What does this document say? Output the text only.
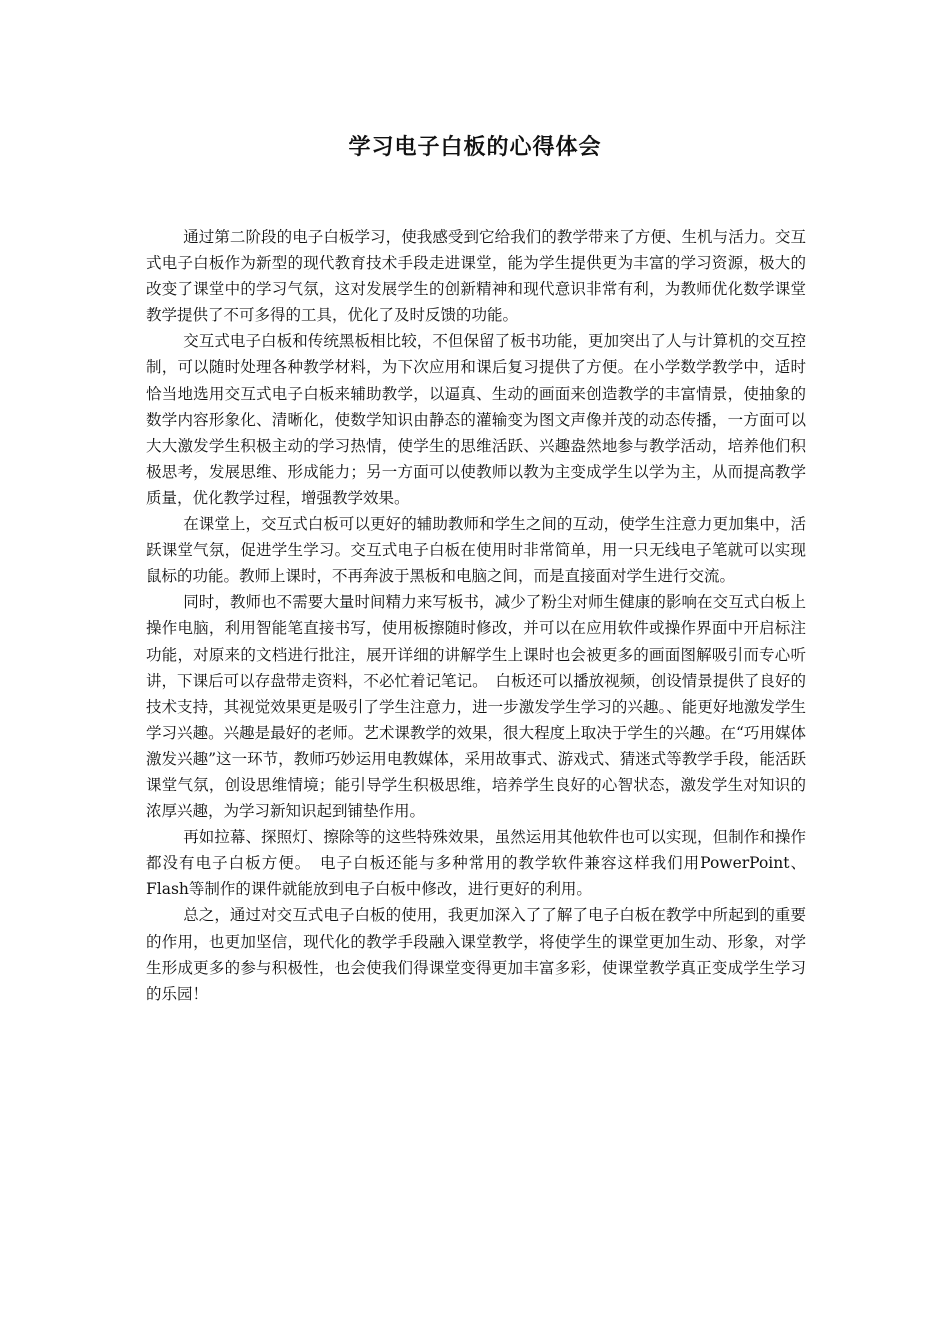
学习电子白板的心得体会

通过第二阶段的电子白板学习，使我感受到它给我们的教学带来了方便、生机与活力。交互式电子白板作为新型的现代教育技术手段走进课堂，能为学生提供更为丰富的学习资源，极大的改变了课堂中的学习气氛，这对发展学生的创新精神和现代意识非常有利，为教师优化数学课堂教学提供了不可多得的工具，优化了及时反馈的功能。

交互式电子白板和传统黑板相比较，不但保留了板书功能，更加突出了人与计算机的交互控制，可以随时处理各种教学材料，为下次应用和课后复习提供了方便。在小学数学教学中，适时恰当地选用交互式电子白板来辅助教学，以逼真、生动的画面来创造教学的丰富情景，使抽象的数学内容形象化、清晰化，使数学知识由静态的灌输变为图文声像并茂的动态传播，一方面可以大大激发学生积极主动的学习热情，使学生的思维活跃、兴趣盎然地参与教学活动，培养他们积极思考，发展思维、形成能力；另一方面可以使教师以教为主变成学生以学为主，从而提高教学质量，优化教学过程，增强教学效果。

在课堂上，交互式白板可以更好的辅助教师和学生之间的互动，使学生注意力更加集中，活跃课堂气氛，促进学生学习。交互式电子白板在使用时非常简单，用一只无线电子笔就可以实现鼠标的功能。教师上课时，不再奔波于黑板和电脑之间，而是直接面对学生进行交流。

同时，教师也不需要大量时间精力来写板书，减少了粉尘对师生健康的影响在交互式白板上操作电脑，利用智能笔直接书写，使用板擦随时修改，并可以在应用软件或操作界面中开启标注功能，对原来的文档进行批注，展开详细的讲解学生上课时也会被更多的画面图解吸引而专心听讲，下课后可以存盘带走资料，不必忙着记笔记。　白板还可以播放视频，创设情景提供了良好的技术支持，其视觉效果更是吸引了学生注意力，进一步激发学生学习的兴趣。、能更好地激发学生学习兴趣。兴趣是最好的老师。艺术课教学的效果，很大程度上取决于学生的兴趣。在“巧用媒体激发兴趣”这一环节，教师巧妙运用电教媒体，采用故事式、游戏式、猜迷式等教学手段，能活跃课堂气氛，创设思维情境；能引导学生积极思维，培养学生良好的心智状态，激发学生对知识的浓厚兴趣，为学习新知识起到铺垫作用。

再如拉幕、探照灯、擦除等的这些特殊效果，虽然运用其他软件也可以实现，但制作和操作都没有电子白板方便。　电子白板还能与多种常用的教学软件兼容这样我们用PowerPoint、Flash等制作的课件就能放到电子白板中修改，进行更好的利用。

总之，通过对交互式电子白板的使用，我更加深入了了解了电子白板在教学中所起到的重要的作用，也更加坚信，现代化的教学手段融入课堂教学，将使学生的课堂更加生动、形象，对学生形成更多的参与积极性，也会使我们得课堂变得更加丰富多彩，使课堂教学真正变成学生学习的乐园！
